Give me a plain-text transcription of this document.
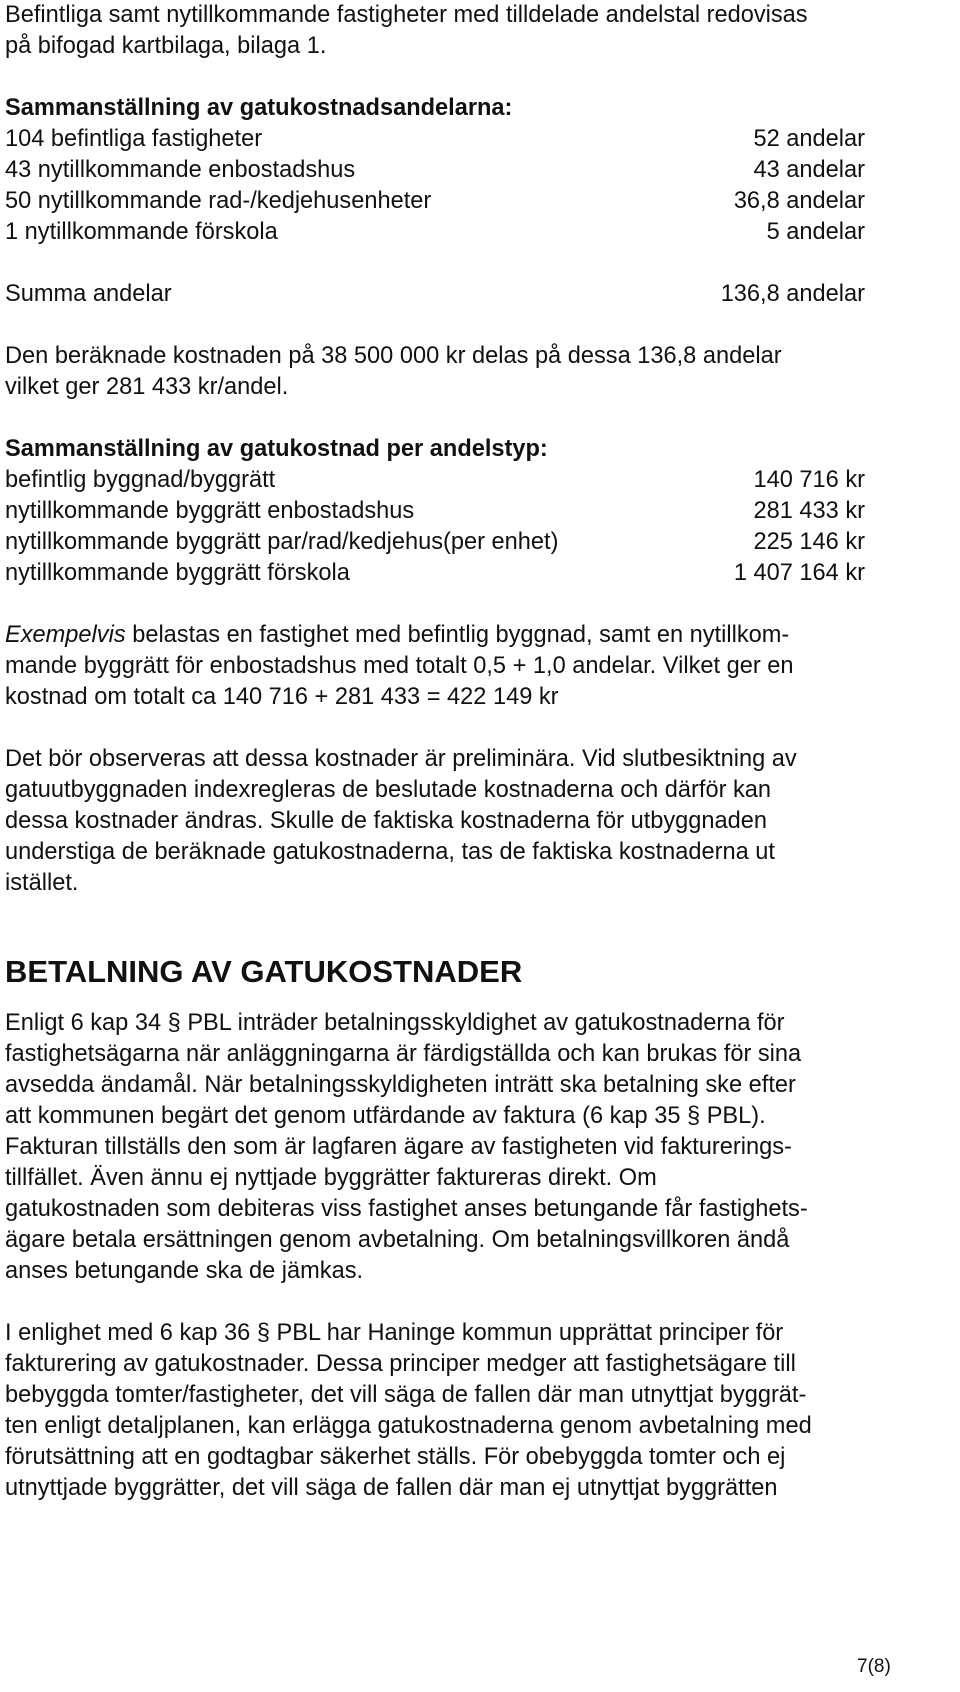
Befintliga samt nytillkommande fastigheter med tilldelade andelstal redovisas

på bifogad kartbilaga, bilaga 1.

Sammanställning av gatukostnadsandelarna:

104 befintliga fastigheter	52 andelar
43 nytillkommande enbostadshus	43 andelar
50 nytillkommande rad-/kedjehusenheter	36,8 andelar
1 nytillkommande förskola	5 andelar
Summa andelar	136,8 andelar

Den beräknade kostnaden på 38 500 000 kr delas på dessa 136,8 andelar

vilket ger 281 433 kr/andel.

Sammanställning av gatukostnad per andelstyp:

befintlig byggnad/byggrätt	140 716 kr
nytillkommande byggrätt enbostadshus	281 433 kr
nytillkommande byggrätt par/rad/kedjehus(per enhet)	225 146 kr
nytillkommande byggrätt förskola	1 407 164 kr

Exempelvis belastas en fastighet med befintlig byggnad, samt en nytillkom-

mande byggrätt för enbostadshus med totalt 0,5 + 1,0 andelar. Vilket ger en

kostnad om totalt ca 140 716 + 281 433 = 422 149 kr

Det bör observeras att dessa kostnader är preliminära. Vid slutbesiktning av

gatuutbyggnaden indexregleras de beslutade kostnaderna och därför kan

dessa kostnader ändras. Skulle de faktiska kostnaderna för utbyggnaden

understiga de beräknade gatukostnaderna, tas de faktiska kostnaderna ut

istället.

BETALNING AV GATUKOSTNADER

Enligt 6 kap 34 § PBL inträder betalningsskyldighet av gatukostnaderna för

fastighetsägarna när anläggningarna är färdigställda och kan brukas för sina

avsedda ändamål. När betalningsskyldigheten inträtt ska betalning ske efter

att kommunen begärt det genom utfärdande av faktura (6 kap 35 § PBL).

Fakturan tillställs den som är lagfaren ägare av fastigheten vid fakturerings-

tillfället. Även ännu ej nyttjade byggrätter faktureras direkt. Om

gatukostnaden som debiteras viss fastighet anses betungande får fastighets-

ägare betala ersättningen genom avbetalning. Om betalningsvillkoren ändå

anses betungande ska de jämkas.

I enlighet med 6 kap 36 § PBL har Haninge kommun upprättat principer för

fakturering av gatukostnader. Dessa principer medger att fastighetsägare till

bebyggda tomter/fastigheter, det vill säga de fallen där man utnyttjat byggrät-

ten enligt detaljplanen, kan erlägga gatukostnaderna genom avbetalning med

förutsättning att en godtagbar säkerhet ställs. För obebyggda tomter och ej

utnyttjade byggrätter, det vill säga de fallen där man ej utnyttjat byggrätten

7(8)
